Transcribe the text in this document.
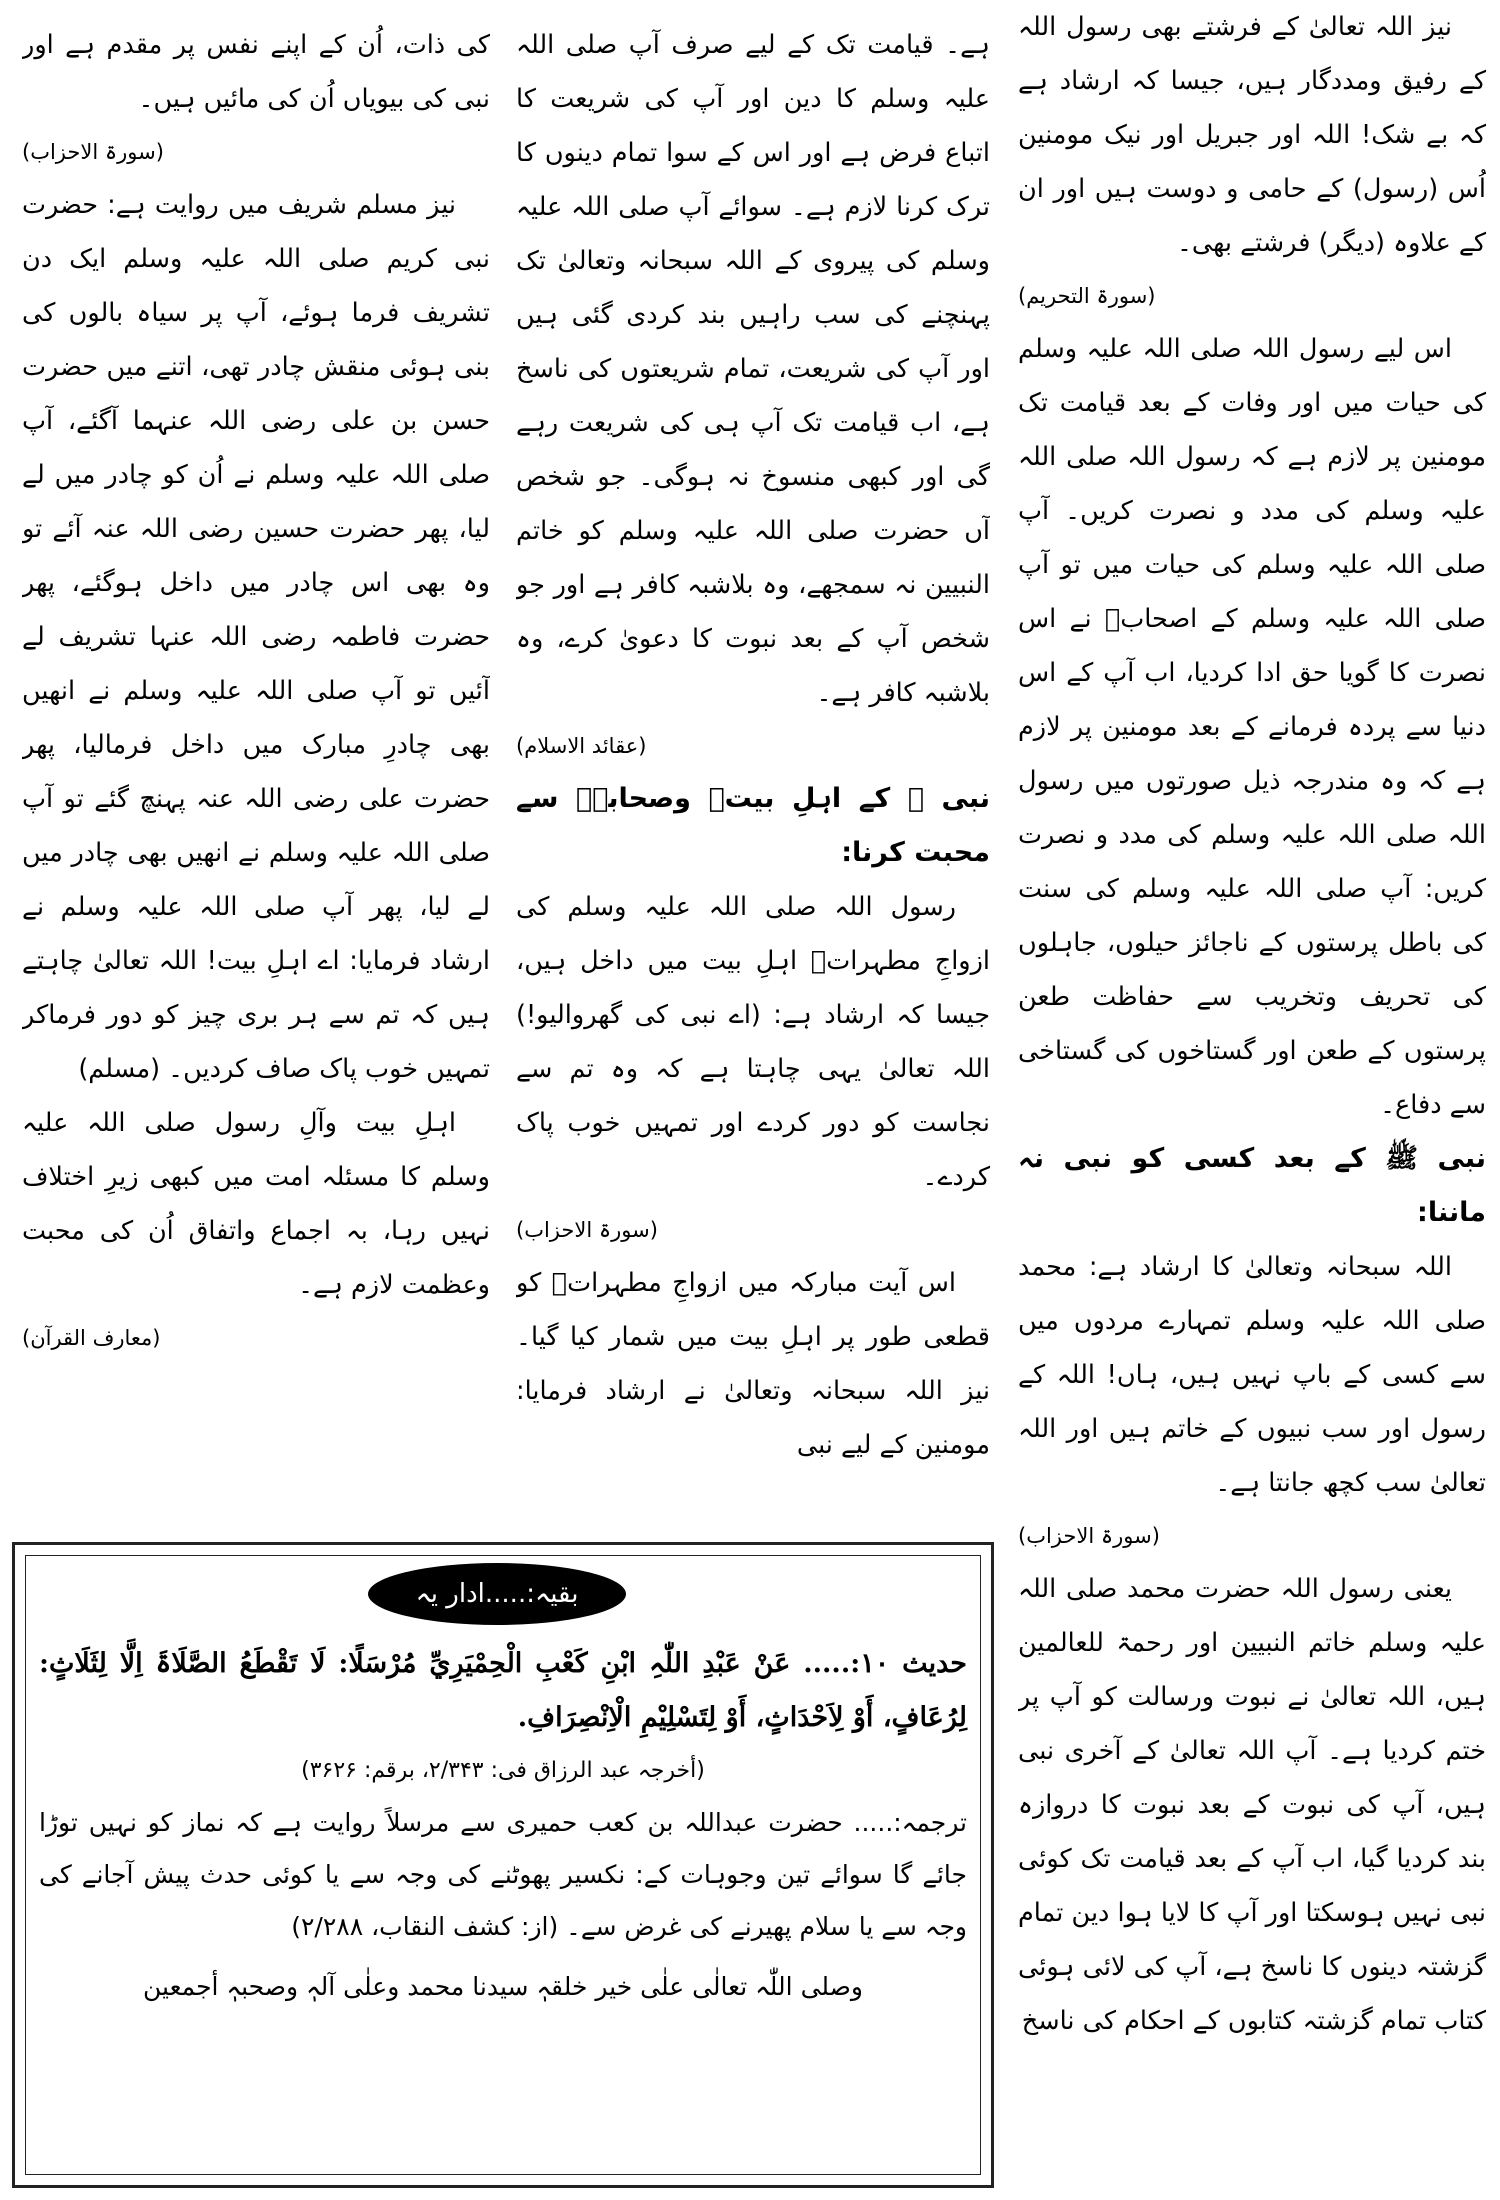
نیز اللہ تعالیٰ کے فرشتے بھی رسول اللہ کے رفیق ومددگار ہیں، جیسا کہ ارشاد ہے کہ بے شک! اللہ اور جبریل اور نیک مومنین اُس (رسول) کے حامی و دوست ہیں اور ان کے علاوہ (دیگر) فرشتے بھی۔

(سورۃ التحریم)

اس لیے رسول اللہ صلی اللہ علیہ وسلم کی حیات میں اور وفات کے بعد قیامت تک مومنین پر لازم ہے کہ رسول اللہ صلی اللہ علیہ وسلم کی مدد و نصرت کریں۔ آپ صلی اللہ علیہ وسلم کی حیات میں تو آپ صلی اللہ علیہ وسلم کے اصحابؓ نے اس نصرت کا گویا حق ادا کردیا، اب آپ کے اس دنیا سے پردہ فرمانے کے بعد مومنین پر لازم ہے کہ وہ مندرجہ ذیل صورتوں میں رسول اللہ صلی اللہ علیہ وسلم کی مدد و نصرت کریں: آپ صلی اللہ علیہ وسلم کی سنت کی باطل پرستوں کے ناجائز حیلوں، جاہلوں کی تحریف وتخریب سے حفاظت طعن پرستوں کے طعن اور گستاخوں کی گستاخی سے دفاع۔

نبی ﷺ کے بعد کسی کو نبی نہ ماننا:

اللہ سبحانہ وتعالیٰ کا ارشاد ہے: محمد صلی اللہ علیہ وسلم تمہارے مردوں میں سے کسی کے باپ نہیں ہیں، ہاں! اللہ کے رسول اور سب نبیوں کے خاتم ہیں اور اللہ تعالیٰ سب کچھ جانتا ہے۔

(سورۃ الاحزاب)

یعنی رسول اللہ حضرت محمد صلی اللہ علیہ وسلم خاتم النبیین اور رحمۃ للعالمین ہیں، اللہ تعالیٰ نے نبوت ورسالت کو آپ پر ختم کردیا ہے۔ آپ اللہ تعالیٰ کے آخری نبی ہیں، آپ کی نبوت کے بعد نبوت کا دروازہ بند کردیا گیا، اب آپ کے بعد قیامت تک کوئی نبی نہیں ہوسکتا اور آپ کا لایا ہوا دین تمام گزشتہ دینوں کا ناسخ ہے، آپ کی لائی ہوئی کتاب تمام گزشتہ کتابوں کے احکام کی ناسخ

ہے۔ قیامت تک کے لیے صرف آپ صلی اللہ علیہ وسلم کا دین اور آپ کی شریعت کا اتباع فرض ہے اور اس کے سوا تمام دینوں کا ترک کرنا لازم ہے۔ سوائے آپ صلی اللہ علیہ وسلم کی پیروی کے اللہ سبحانہ وتعالیٰ تک پہنچنے کی سب راہیں بند کردی گئی ہیں اور آپ کی شریعت، تمام شریعتوں کی ناسخ ہے، اب قیامت تک آپ ہی کی شریعت رہے گی اور کبھی منسوخ نہ ہوگی۔ جو شخص آں حضرت صلی اللہ علیہ وسلم کو خاتم النبیین نہ سمجھے، وہ بلاشبہ کافر ہے اور جو شخص آپ کے بعد نبوت کا دعویٰ کرے، وہ بلاشبہ کافر ہے۔

(عقائد الاسلام)

نبی ﷺ کے اہلِ بیتؓ وصحابہؓ سے محبت کرنا:

رسول اللہ صلی اللہ علیہ وسلم کی ازواجِ مطہراتؓ اہلِ بیت میں داخل ہیں، جیسا کہ ارشاد ہے: (اے نبی کی گھروالیو!) اللہ تعالیٰ یہی چاہتا ہے کہ وہ تم سے نجاست کو دور کردے اور تمہیں خوب پاک کردے۔

(سورۃ الاحزاب)

اس آیت مبارکہ میں ازواجِ مطہراتؓ کو قطعی طور پر اہلِ بیت میں شمار کیا گیا۔ نیز اللہ سبحانہ وتعالیٰ نے ارشاد فرمایا: مومنین کے لیے نبی

کی ذات، اُن کے اپنے نفس پر مقدم ہے اور نبی کی بیویاں اُن کی مائیں ہیں۔

(سورۃ الاحزاب)

نیز مسلم شریف میں روایت ہے: حضرت نبی کریم صلی اللہ علیہ وسلم ایک دن تشریف فرما ہوئے، آپ پر سیاہ بالوں کی بنی ہوئی منقش چادر تھی، اتنے میں حضرت حسن بن علی رضی اللہ عنہما آگئے، آپ صلی اللہ علیہ وسلم نے اُن کو چادر میں لے لیا، پھر حضرت حسین رضی اللہ عنہ آئے تو وہ بھی اس چادر میں داخل ہوگئے، پھر حضرت فاطمہ رضی اللہ عنہا تشریف لے آئیں تو آپ صلی اللہ علیہ وسلم نے انھیں بھی چادرِ مبارک میں داخل فرمالیا، پھر حضرت علی رضی اللہ عنہ پہنچ گئے تو آپ صلی اللہ علیہ وسلم نے انھیں بھی چادر میں لے لیا، پھر آپ صلی اللہ علیہ وسلم نے ارشاد فرمایا: اے اہلِ بیت! اللہ تعالیٰ چاہتے ہیں کہ تم سے ہر بری چیز کو دور فرماکر تمہیں خوب پاک صاف کردیں۔ (مسلم)

اہلِ بیت وآلِ رسول صلی اللہ علیہ وسلم کا مسئلہ امت میں کبھی زیرِ اختلاف نہیں رہا، بہ اجماع واتفاق اُن کی محبت وعظمت لازم ہے۔

(معارف القرآن)

بقیہ:.....ادار یہ

حدیث ۱۰:..... عَنْ عَبْدِ اللّٰہِ ابْنِ کَعْبِ الْحِمْیَرِيِّ مُرْسَلًا: لَا تَقْطَعُ الصَّلَاۃَ اِلَّا لِثَلَاثٍ: لِرُعَافٍ، أَوْ لِاَحْدَاثٍ، أَوْ لِتَسْلِیْمِ الْاِنْصِرَافِ.

(أخرجہ عبد الرزاق فی: ۲/۳۴۳، برقم: ۳۶۲۶)

ترجمہ:..... حضرت عبداللہ بن کعب حمیری سے مرسلاً روایت ہے کہ نماز کو نہیں توڑا جائے گا سوائے تین وجوہات کے: نکسیر پھوٹنے کی وجہ سے یا کوئی حدث پیش آجانے کی وجہ سے یا سلام پھیرنے کی غرض سے۔ (از: کشف النقاب، ۲/۲۸۸)

وصلی اللّٰہ تعالٰی علٰی خیر خلقہٖ سیدنا محمد وعلٰی آلہٖ وصحبہٖ أجمعین
